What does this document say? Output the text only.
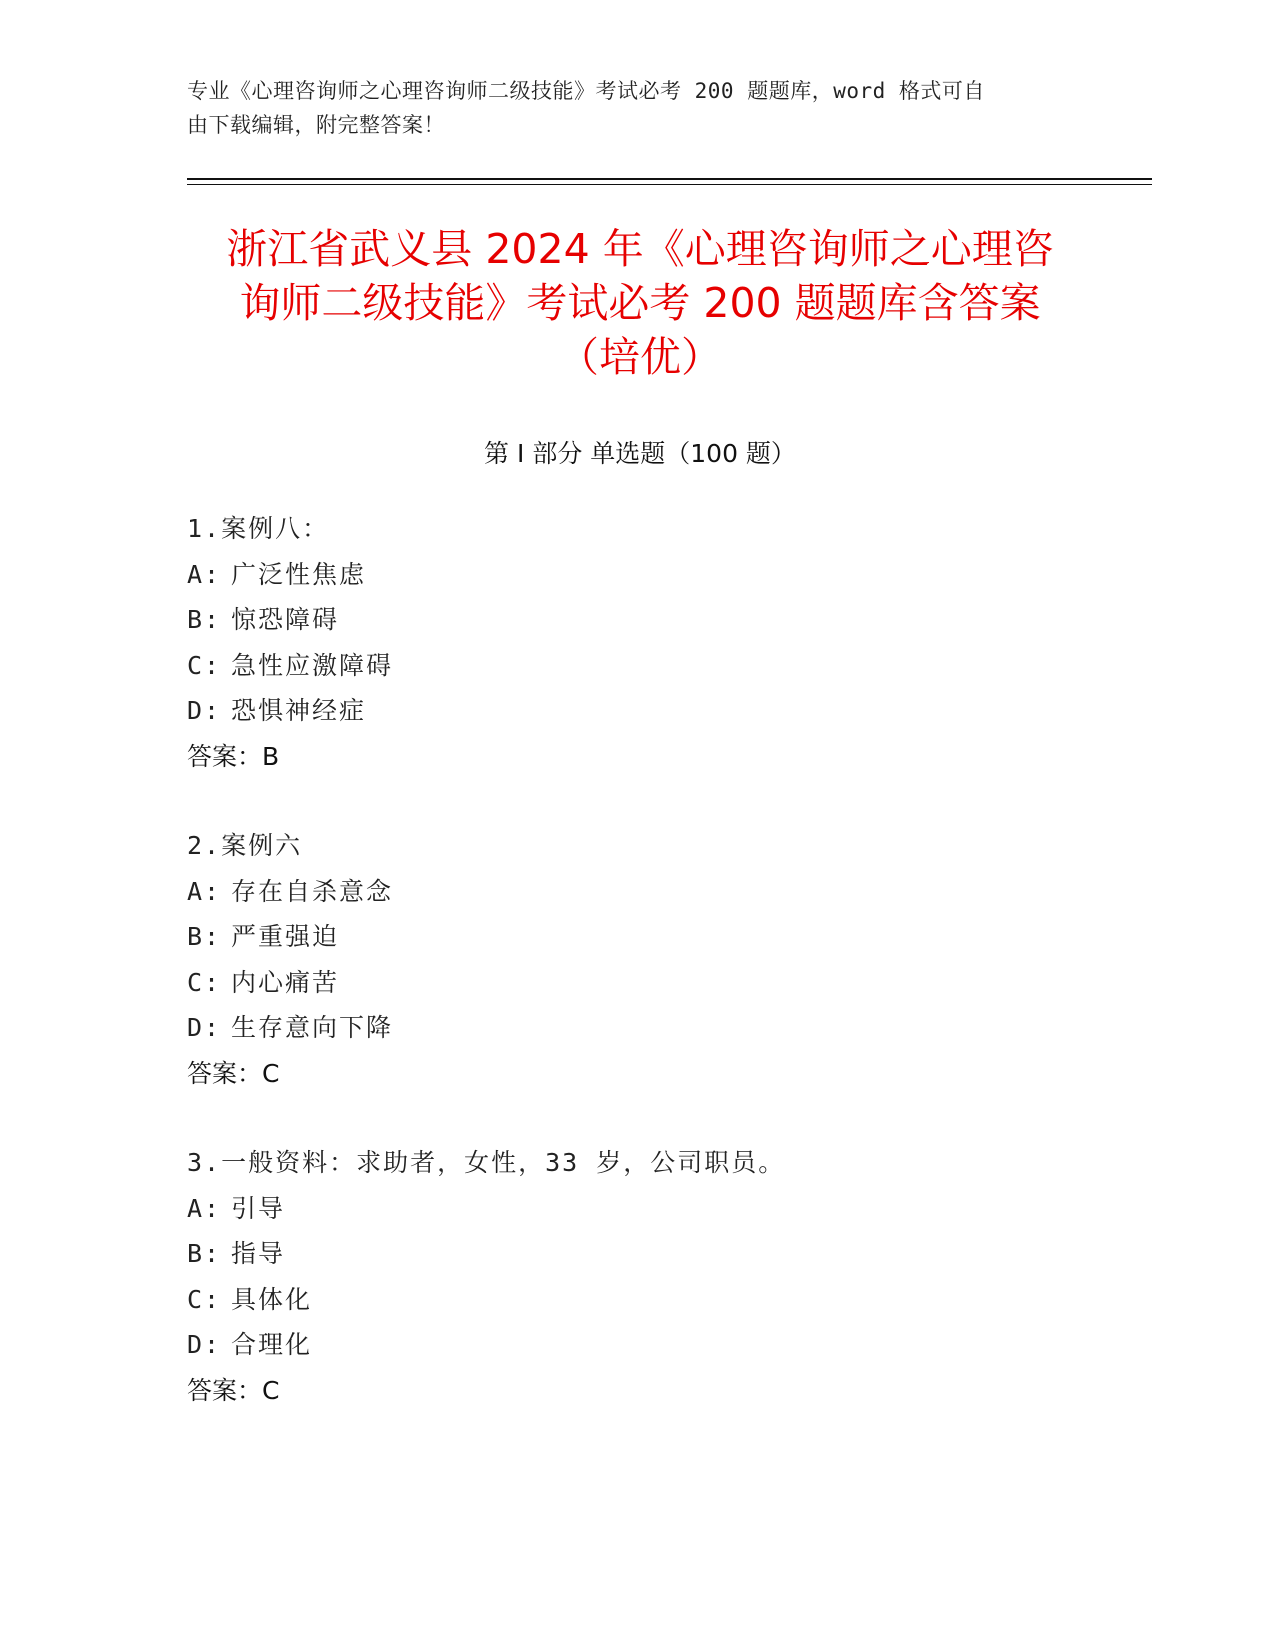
专业《心理咨询师之心理咨询师二级技能》考试必考 200 题题库，word 格式可自
由下载编辑，附完整答案！
浙江省武义县 2024 年《心理咨询师之心理咨
询师二级技能》考试必考 200 题题库含答案
（培优）
第 I 部分 单选题（100 题）
1.案例八：
A: 广泛性焦虑
B: 惊恐障碍
C: 急性应激障碍
D: 恐惧神经症
答案：B
2.案例六
A: 存在自杀意念
B: 严重强迫
C: 内心痛苦
D: 生存意向下降
答案：C
3.一般资料：求助者，女性，33 岁，公司职员。
A: 引导
B: 指导
C: 具体化
D: 合理化
答案：C
